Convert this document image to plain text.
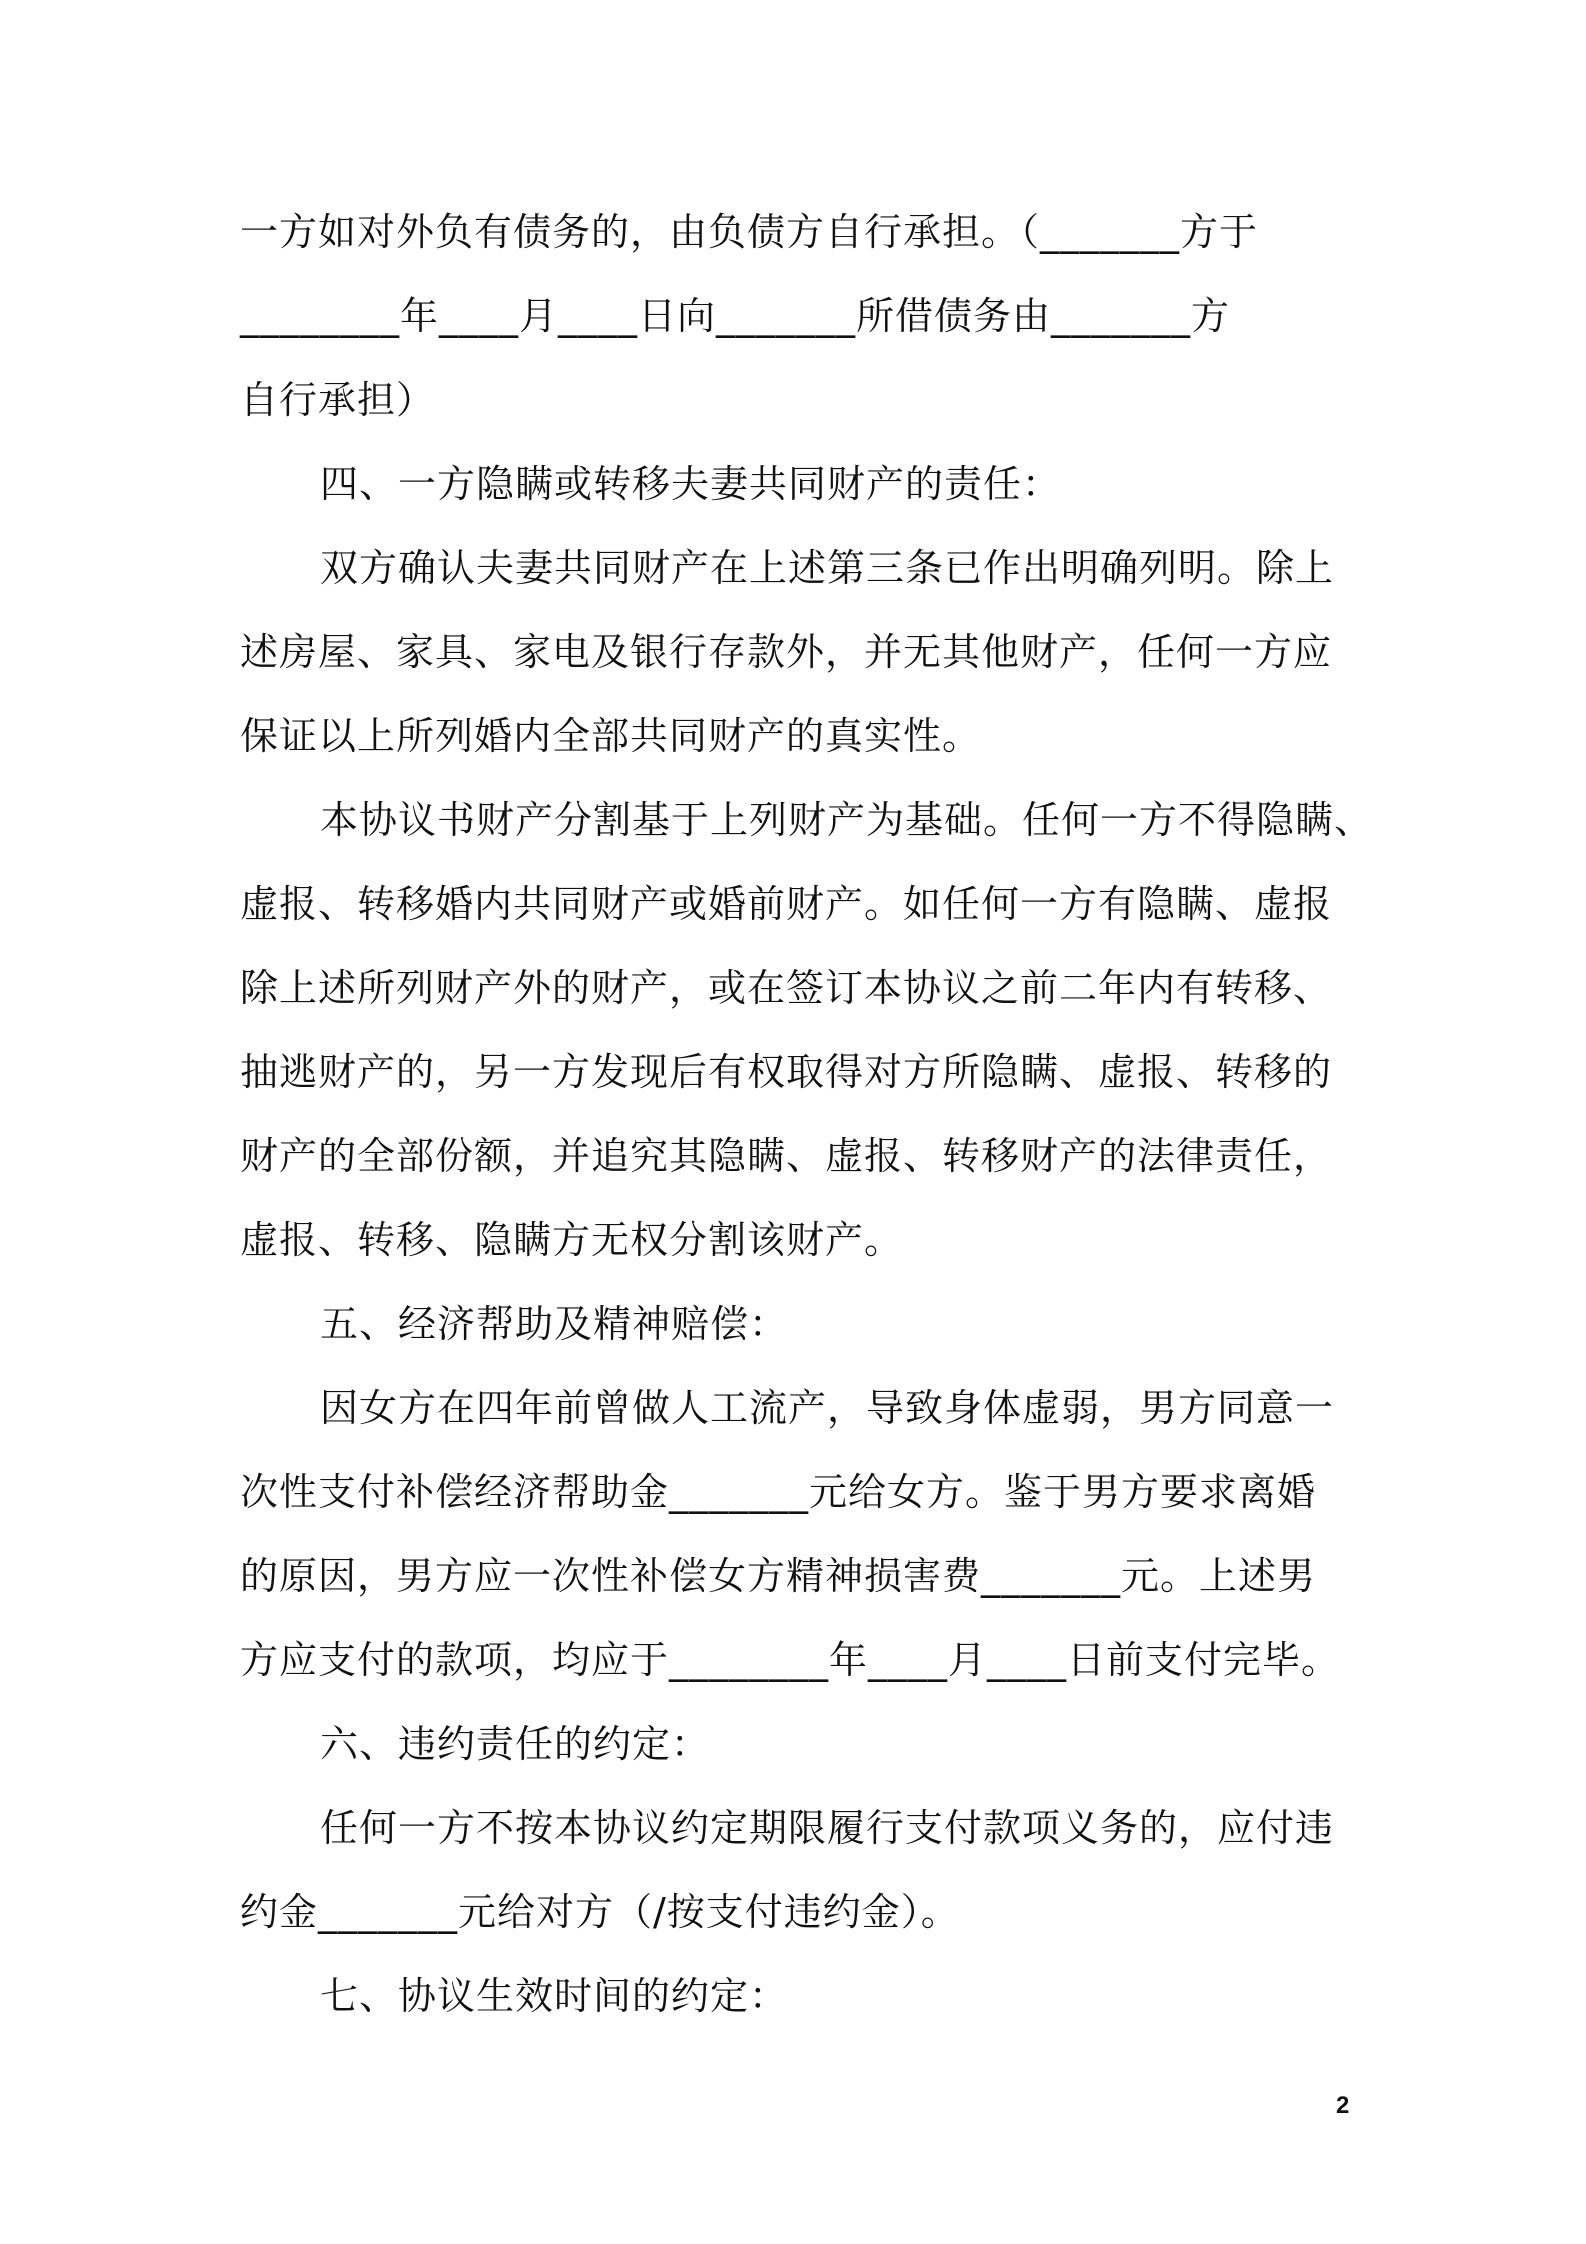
一方如对外负有债务的，由负债方自行承担。（_______方于
________年____月____日向_______所借债务由_______方
自行承担）
四、一方隐瞒或转移夫妻共同财产的责任：
双方确认夫妻共同财产在上述第三条已作出明确列明。除上
述房屋、家具、家电及银行存款外，并无其他财产，任何一方应
保证以上所列婚内全部共同财产的真实性。
本协议书财产分割基于上列财产为基础。任何一方不得隐瞒、
虚报、转移婚内共同财产或婚前财产。如任何一方有隐瞒、虚报
除上述所列财产外的财产，或在签订本协议之前二年内有转移、
抽逃财产的，另一方发现后有权取得对方所隐瞒、虚报、转移的
财产的全部份额，并追究其隐瞒、虚报、转移财产的法律责任，
虚报、转移、隐瞒方无权分割该财产。
五、经济帮助及精神赔偿：
因女方在四年前曾做人工流产，导致身体虚弱，男方同意一
次性支付补偿经济帮助金_______元给女方。鉴于男方要求离婚
的原因，男方应一次性补偿女方精神损害费_______元。上述男
方应支付的款项，均应于________年____月____日前支付完毕。
六、违约责任的约定：
任何一方不按本协议约定期限履行支付款项义务的，应付违
约金_______元给对方（/按支付违约金）。
七、协议生效时间的约定：
2
